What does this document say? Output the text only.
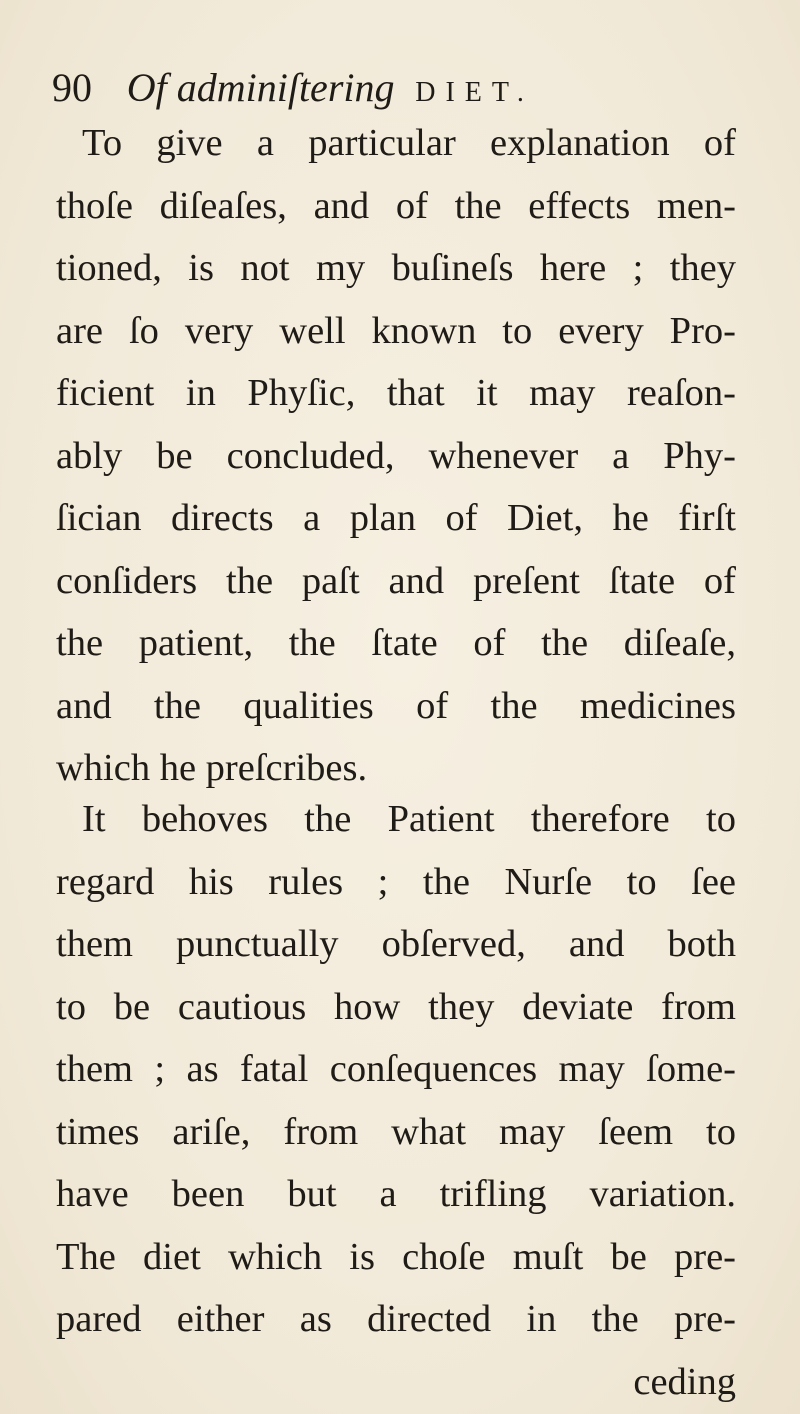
90 Of adminiſtering DIET.
To give a particular explanation of
thoſe diſeaſes, and of the effects men-
tioned, is not my buſineſs here ; they
are ſo very well known to every Pro-
ficient in Phyſic, that it may reaſon-
ably be concluded, whenever a Phy-
ſician directs a plan of Diet, he firſt
conſiders the paſt and preſent ſtate of
the patient, the ſtate of the diſeaſe,
and the qualities of the medicines
which he preſcribes.
It behoves the Patient therefore to
regard his rules ; the Nurſe to ſee
them punctually obſerved, and both
to be cautious how they deviate from
them ; as fatal conſequences may ſome-
times ariſe, from what may ſeem to
have been but a trifling variation.
The diet which is choſe muſt be pre-
pared either as directed in the pre-
ceding
